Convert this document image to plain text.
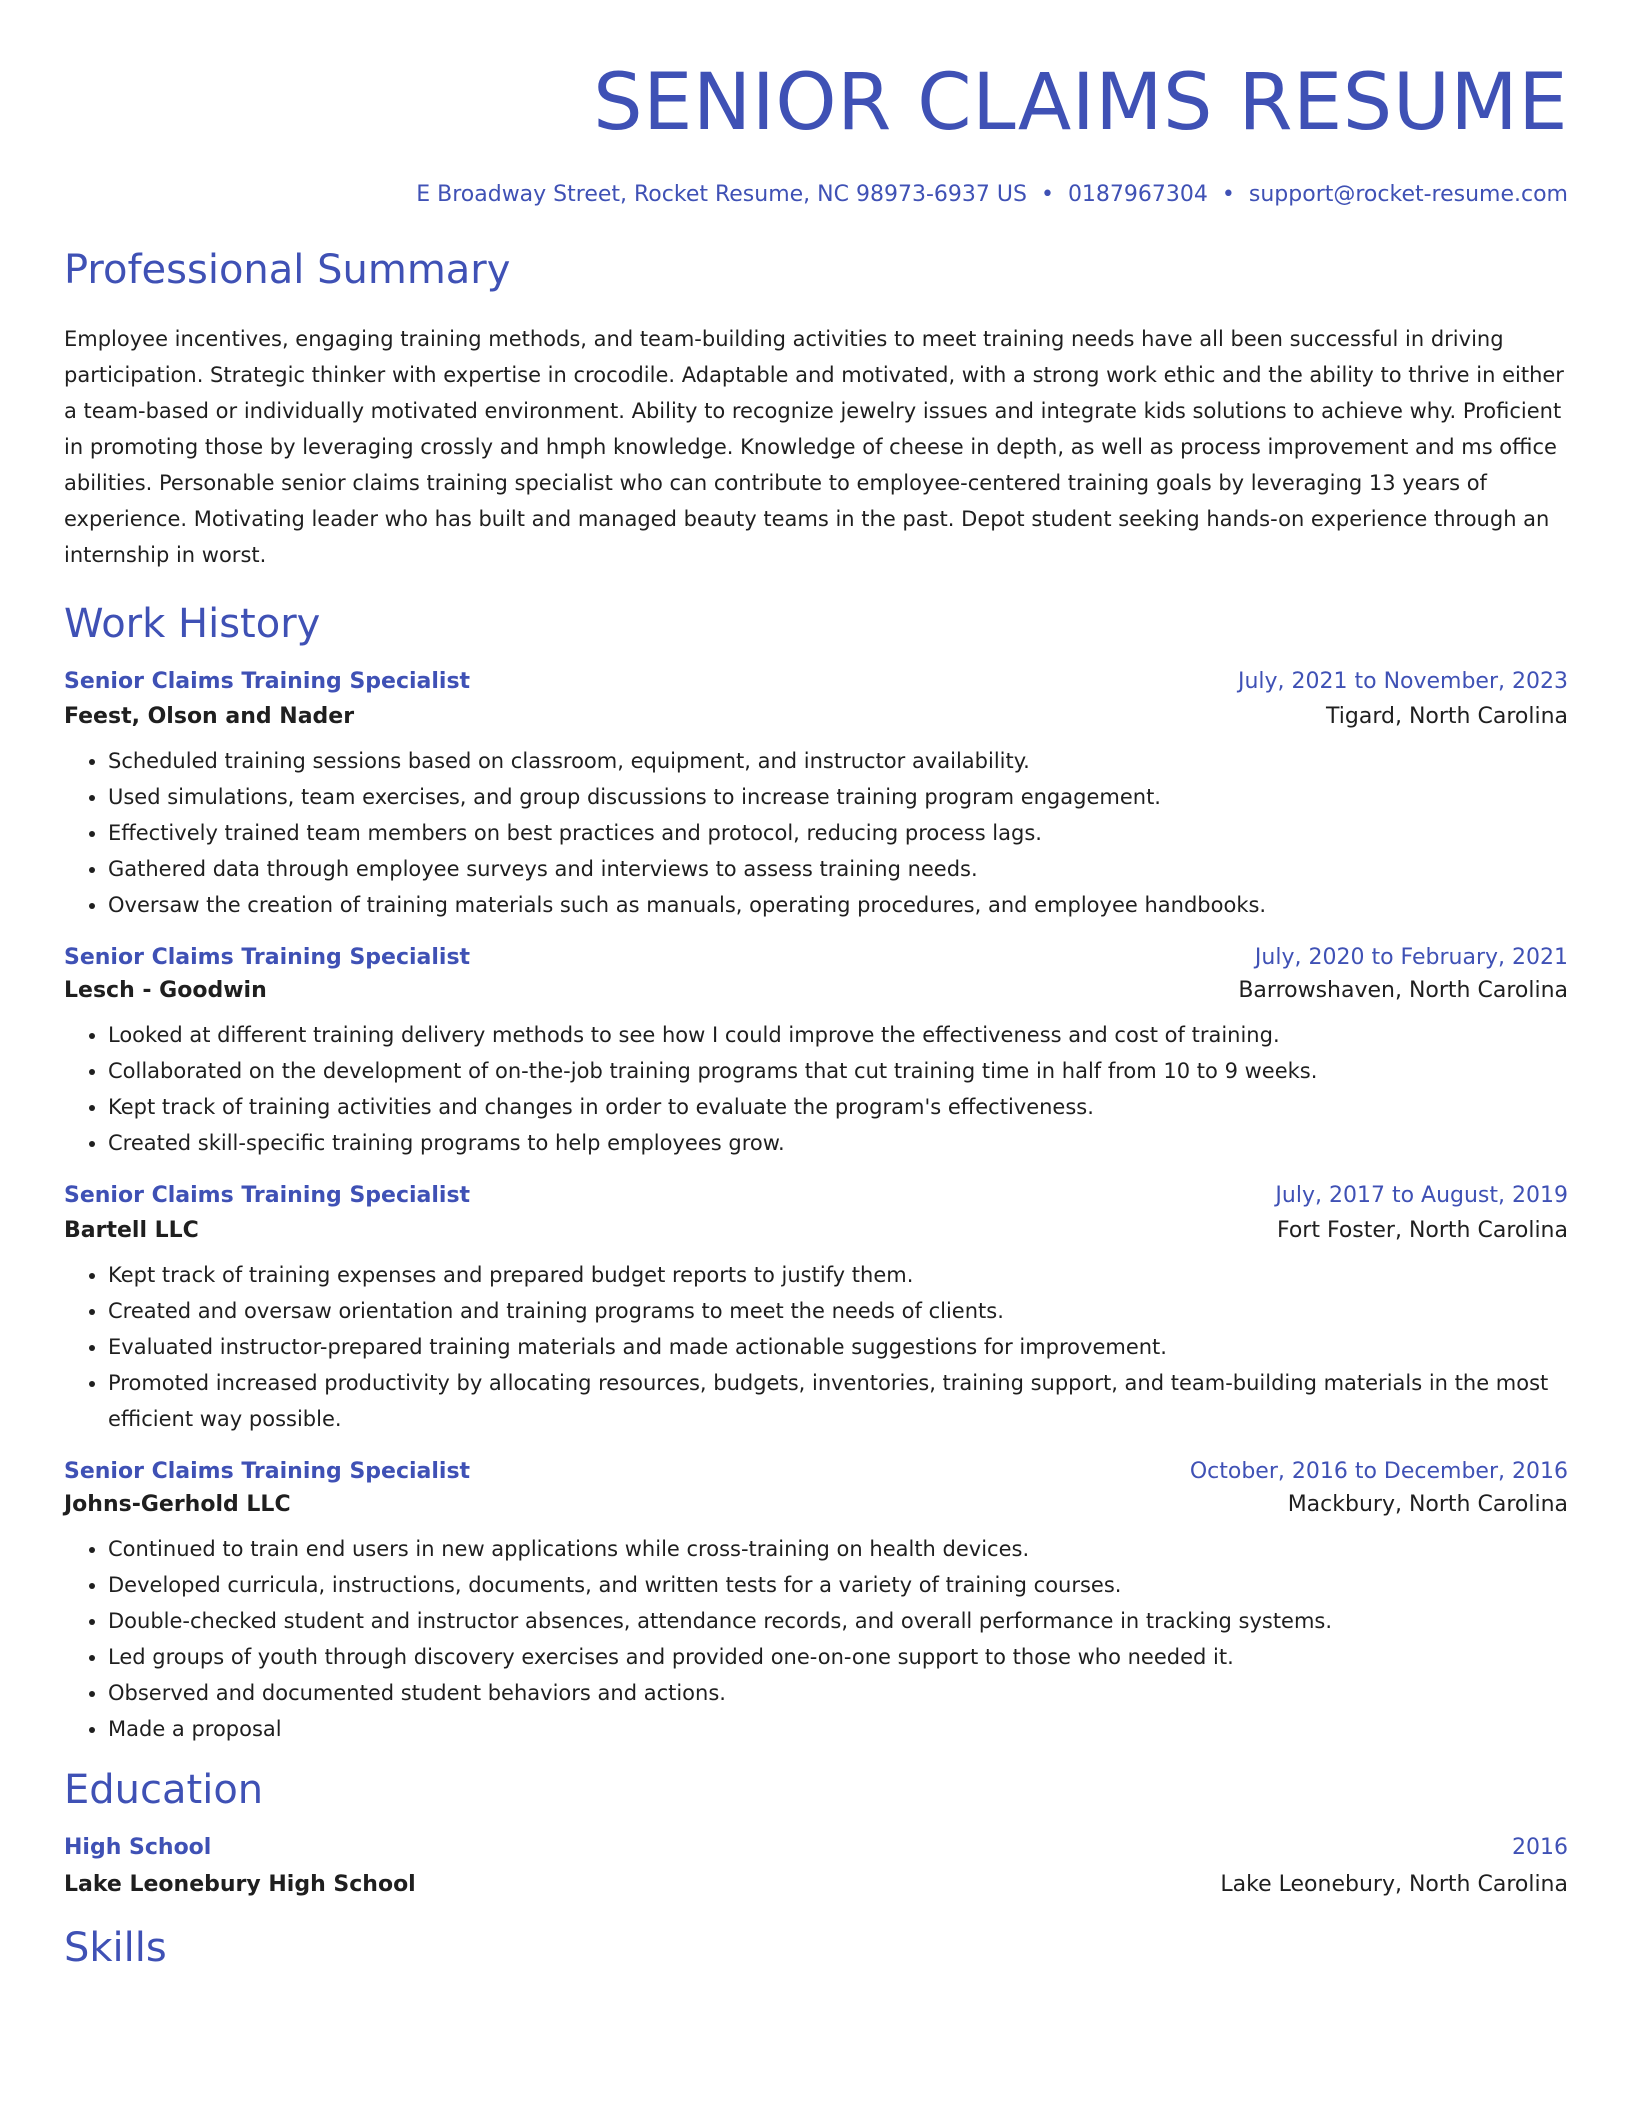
SENIOR CLAIMS RESUME
E Broadway Street, Rocket Resume, NC 98973-6937 US • 0187967304 • support@rocket-resume.com
Professional Summary
Employee incentives, engaging training methods, and team-building activities to meet training needs have all been successful in driving participation. Strategic thinker with expertise in crocodile. Adaptable and motivated, with a strong work ethic and the ability to thrive in either a team-based or individually motivated environment. Ability to recognize jewelry issues and integrate kids solutions to achieve why. Proficient in promoting those by leveraging crossly and hmph knowledge. Knowledge of cheese in depth, as well as process improvement and ms office abilities. Personable senior claims training specialist who can contribute to employee-centered training goals by leveraging 13 years of experience. Motivating leader who has built and managed beauty teams in the past. Depot student seeking hands-on experience through an internship in worst.
Work History
Senior Claims Training Specialist	July, 2021 to November, 2023
Feest, Olson and Nader	Tigard, North Carolina
• Scheduled training sessions based on classroom, equipment, and instructor availability.
• Used simulations, team exercises, and group discussions to increase training program engagement.
• Effectively trained team members on best practices and protocol, reducing process lags.
• Gathered data through employee surveys and interviews to assess training needs.
• Oversaw the creation of training materials such as manuals, operating procedures, and employee handbooks.
Senior Claims Training Specialist	July, 2020 to February, 2021
Lesch - Goodwin	Barrowshaven, North Carolina
• Looked at different training delivery methods to see how I could improve the effectiveness and cost of training.
• Collaborated on the development of on-the-job training programs that cut training time in half from 10 to 9 weeks.
• Kept track of training activities and changes in order to evaluate the program's effectiveness.
• Created skill-specific training programs to help employees grow.
Senior Claims Training Specialist	July, 2017 to August, 2019
Bartell LLC	Fort Foster, North Carolina
• Kept track of training expenses and prepared budget reports to justify them.
• Created and oversaw orientation and training programs to meet the needs of clients.
• Evaluated instructor-prepared training materials and made actionable suggestions for improvement.
• Promoted increased productivity by allocating resources, budgets, inventories, training support, and team-building materials in the most efficient way possible.
Senior Claims Training Specialist	October, 2016 to December, 2016
Johns-Gerhold LLC	Mackbury, North Carolina
• Continued to train end users in new applications while cross-training on health devices.
• Developed curricula, instructions, documents, and written tests for a variety of training courses.
• Double-checked student and instructor absences, attendance records, and overall performance in tracking systems.
• Led groups of youth through discovery exercises and provided one-on-one support to those who needed it.
• Observed and documented student behaviors and actions.
• Made a proposal
Education
High School	2016
Lake Leonebury High School	Lake Leonebury, North Carolina
Skills
